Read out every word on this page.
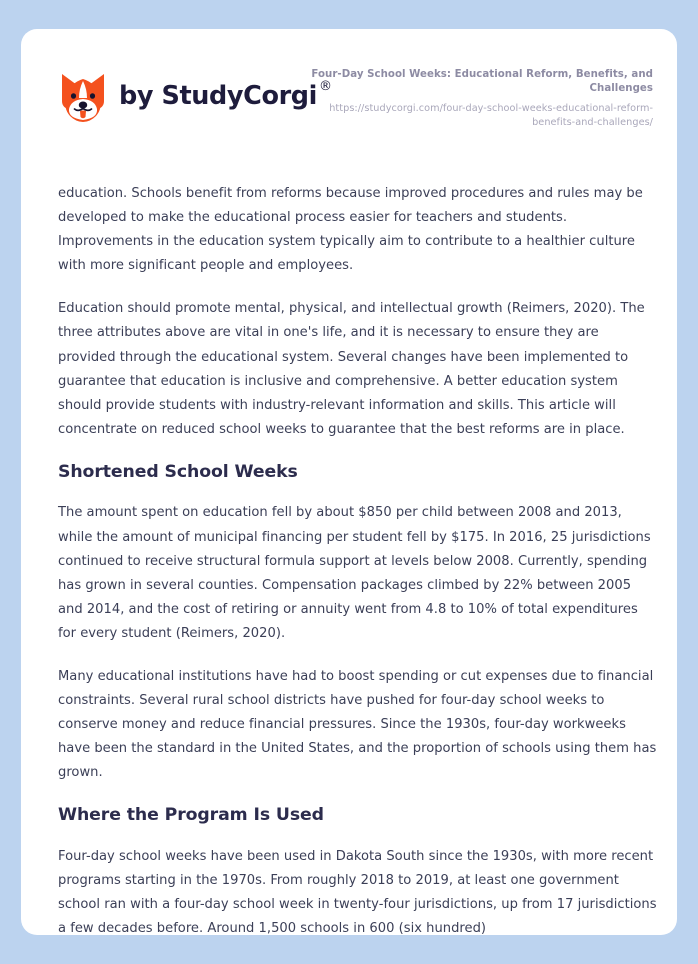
by StudyCorgi ®
Four-Day School Weeks: Educational Reform, Benefits, and Challenges
https://studycorgi.com/four-day-school-weeks-educational-reform-benefits-and-challenges/

education. Schools benefit from reforms because improved procedures and rules may be developed to make the educational process easier for teachers and students. Improvements in the education system typically aim to contribute to a healthier culture with more significant people and employees.

Education should promote mental, physical, and intellectual growth (Reimers, 2020). The three attributes above are vital in one's life, and it is necessary to ensure they are provided through the educational system. Several changes have been implemented to guarantee that education is inclusive and comprehensive. A better education system should provide students with industry-relevant information and skills. This article will concentrate on reduced school weeks to guarantee that the best reforms are in place.

Shortened School Weeks

The amount spent on education fell by about $850 per child between 2008 and 2013, while the amount of municipal financing per student fell by $175. In 2016, 25 jurisdictions continued to receive structural formula support at levels below 2008. Currently, spending has grown in several counties. Compensation packages climbed by 22% between 2005 and 2014, and the cost of retiring or annuity went from 4.8 to 10% of total expenditures for every student (Reimers, 2020).

Many educational institutions have had to boost spending or cut expenses due to financial constraints. Several rural school districts have pushed for four-day school weeks to conserve money and reduce financial pressures. Since the 1930s, four-day workweeks have been the standard in the United States, and the proportion of schools using them has grown.

Where the Program Is Used

Four-day school weeks have been used in Dakota South since the 1930s, with more recent programs starting in the 1970s. From roughly 2018 to 2019, at least one government school ran with a four-day school week in twenty-four jurisdictions, up from 17 jurisdictions a few decades before. Around 1,500 schools in 600 (six hundred)
